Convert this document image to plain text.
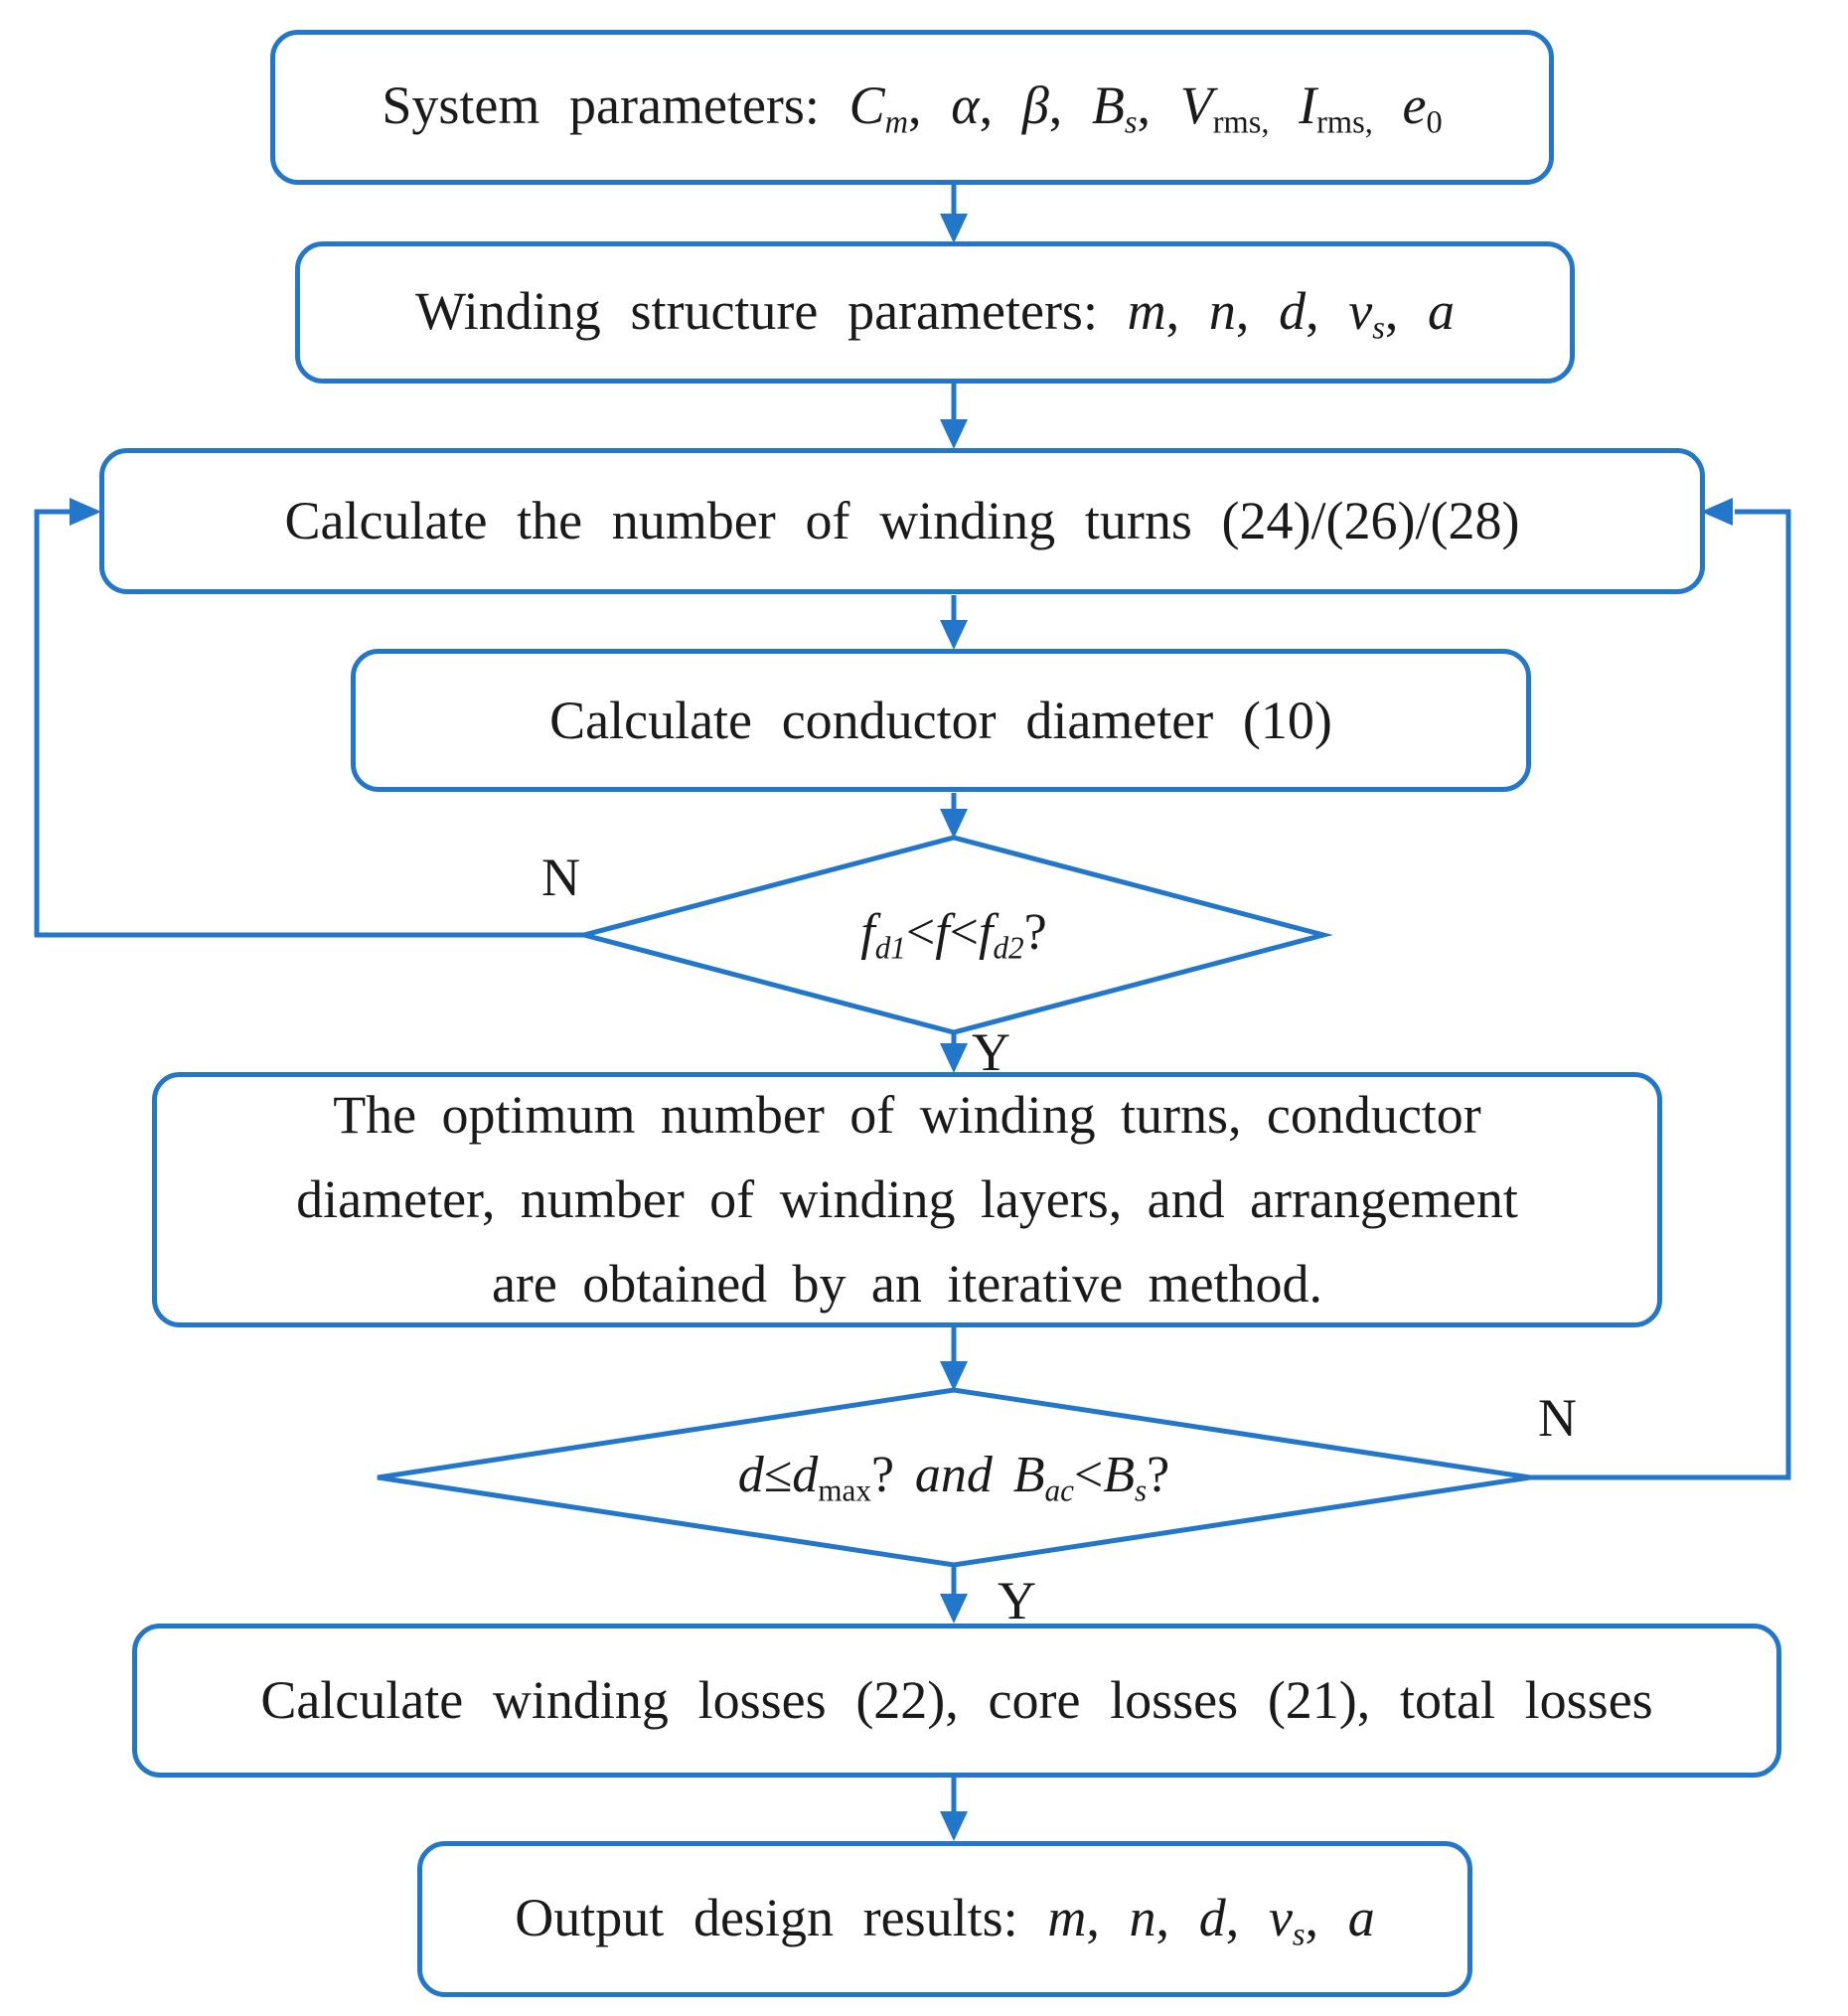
System parameters: Cm, α, β, Bs, Vrms, Irms, e0
Winding structure parameters: m, n, d, vs, a
Calculate the number of winding turns (24)/(26)/(28)
Calculate conductor diameter (10)
The optimum number of winding turns, conductor
diameter, number of winding layers, and arrangement
are obtained by an iterative method.
Calculate winding losses (22), core losses (21), total losses
Output design results: m, n, d, vs, a
fd1<f<fd2?
d≤dmax? and Bac<Bs?
N
Y
N
Y
